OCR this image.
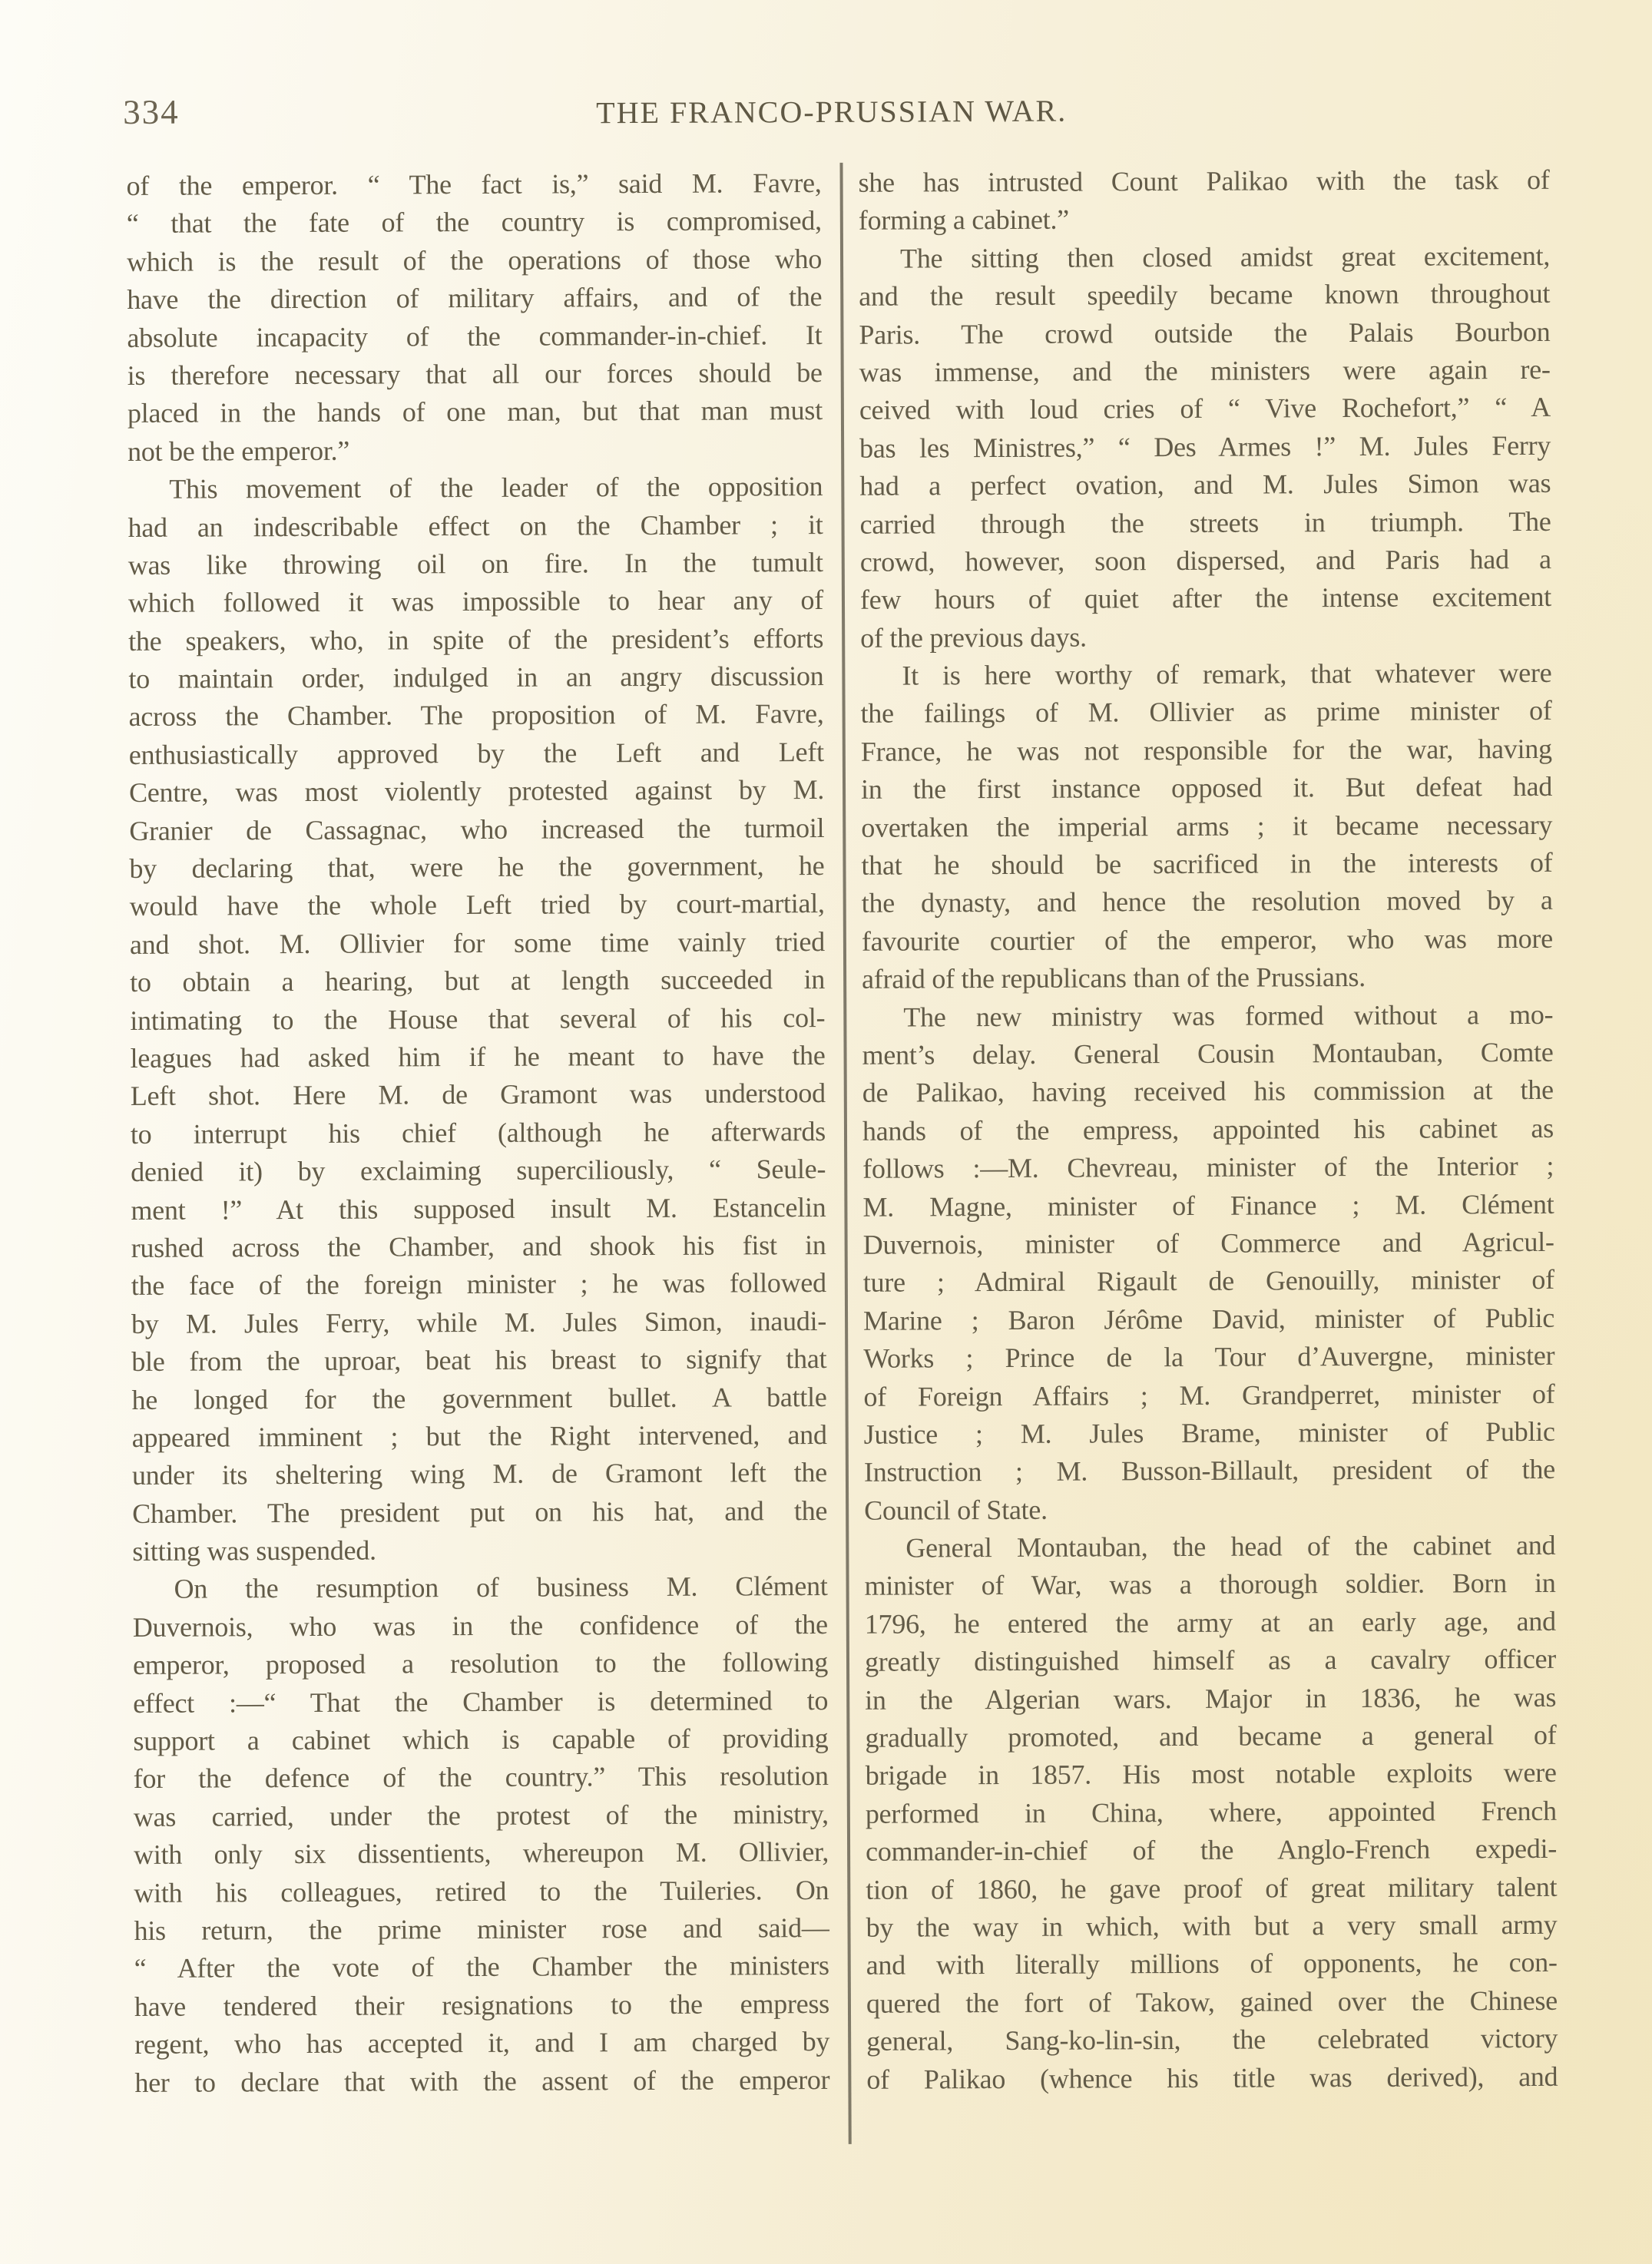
334	THE FRANCO-PRUSSIAN WAR.
of the emperor. “ The fact is,” said M. Favre,
“ that the fate of the country is compromised,
which is the result of the operations of those who
have the direction of military affairs, and of the
absolute incapacity of the commander-in-chief. It
is therefore necessary that all our forces should be
placed in the hands of one man, but that man must
not be the emperor.”
This movement of the leader of the opposition
had an indescribable effect on the Chamber ; it
was like throwing oil on fire. In the tumult
which followed it was impossible to hear any of
the speakers, who, in spite of the president’s efforts
to maintain order, indulged in an angry discussion
across the Chamber. The proposition of M. Favre,
enthusiastically approved by the Left and Left
Centre, was most violently protested against by M.
Granier de Cassagnac, who increased the turmoil
by declaring that, were he the government, he
would have the whole Left tried by court-martial,
and shot. M. Ollivier for some time vainly tried
to obtain a hearing, but at length succeeded in
intimating to the House that several of his col-
leagues had asked him if he meant to have the
Left shot. Here M. de Gramont was understood
to interrupt his chief (although he afterwards
denied it) by exclaiming superciliously, “ Seule-
ment !” At this supposed insult M. Estancelin
rushed across the Chamber, and shook his fist in
the face of the foreign minister ; he was followed
by M. Jules Ferry, while M. Jules Simon, inaudi-
ble from the uproar, beat his breast to signify that
he longed for the government bullet. A battle
appeared imminent ; but the Right intervened, and
under its sheltering wing M. de Gramont left the
Chamber. The president put on his hat, and the
sitting was suspended.
On the resumption of business M. Clément
Duvernois, who was in the confidence of the
emperor, proposed a resolution to the following
effect :—“ That the Chamber is determined to
support a cabinet which is capable of providing
for the defence of the country.” This resolution
was carried, under the protest of the ministry,
with only six dissentients, whereupon M. Ollivier,
with his colleagues, retired to the Tuileries. On
his return, the prime minister rose and said—
“ After the vote of the Chamber the ministers
have tendered their resignations to the empress
regent, who has accepted it, and I am charged by
her to declare that with the assent of the emperor
she has intrusted Count Palikao with the task of
forming a cabinet.”
The sitting then closed amidst great excitement,
and the result speedily became known throughout
Paris. The crowd outside the Palais Bourbon
was immense, and the ministers were again re-
ceived with loud cries of “ Vive Rochefort,” “ A
bas les Ministres,” “ Des Armes !” M. Jules Ferry
had a perfect ovation, and M. Jules Simon was
carried through the streets in triumph. The
crowd, however, soon dispersed, and Paris had a
few hours of quiet after the intense excitement
of the previous days.
It is here worthy of remark, that whatever were
the failings of M. Ollivier as prime minister of
France, he was not responsible for the war, having
in the first instance opposed it. But defeat had
overtaken the imperial arms ; it became necessary
that he should be sacrificed in the interests of
the dynasty, and hence the resolution moved by a
favourite courtier of the emperor, who was more
afraid of the republicans than of the Prussians.
The new ministry was formed without a mo-
ment’s delay. General Cousin Montauban, Comte
de Palikao, having received his commission at the
hands of the empress, appointed his cabinet as
follows :—M. Chevreau, minister of the Interior ;
M. Magne, minister of Finance ; M. Clément
Duvernois, minister of Commerce and Agricul-
ture ; Admiral Rigault de Genouilly, minister of
Marine ; Baron Jérôme David, minister of Public
Works ; Prince de la Tour d’Auvergne, minister
of Foreign Affairs ; M. Grandperret, minister of
Justice ; M. Jules Brame, minister of Public
Instruction ; M. Busson-Billault, president of the
Council of State.
General Montauban, the head of the cabinet and
minister of War, was a thorough soldier. Born in
1796, he entered the army at an early age, and
greatly distinguished himself as a cavalry officer
in the Algerian wars. Major in 1836, he was
gradually promoted, and became a general of
brigade in 1857. His most notable exploits were
performed in China, where, appointed French
commander-in-chief of the Anglo-French expedi-
tion of 1860, he gave proof of great military talent
by the way in which, with but a very small army
and with literally millions of opponents, he con-
quered the fort of Takow, gained over the Chinese
general, Sang-ko-lin-sin, the celebrated victory
of Palikao (whence his title was derived), and
